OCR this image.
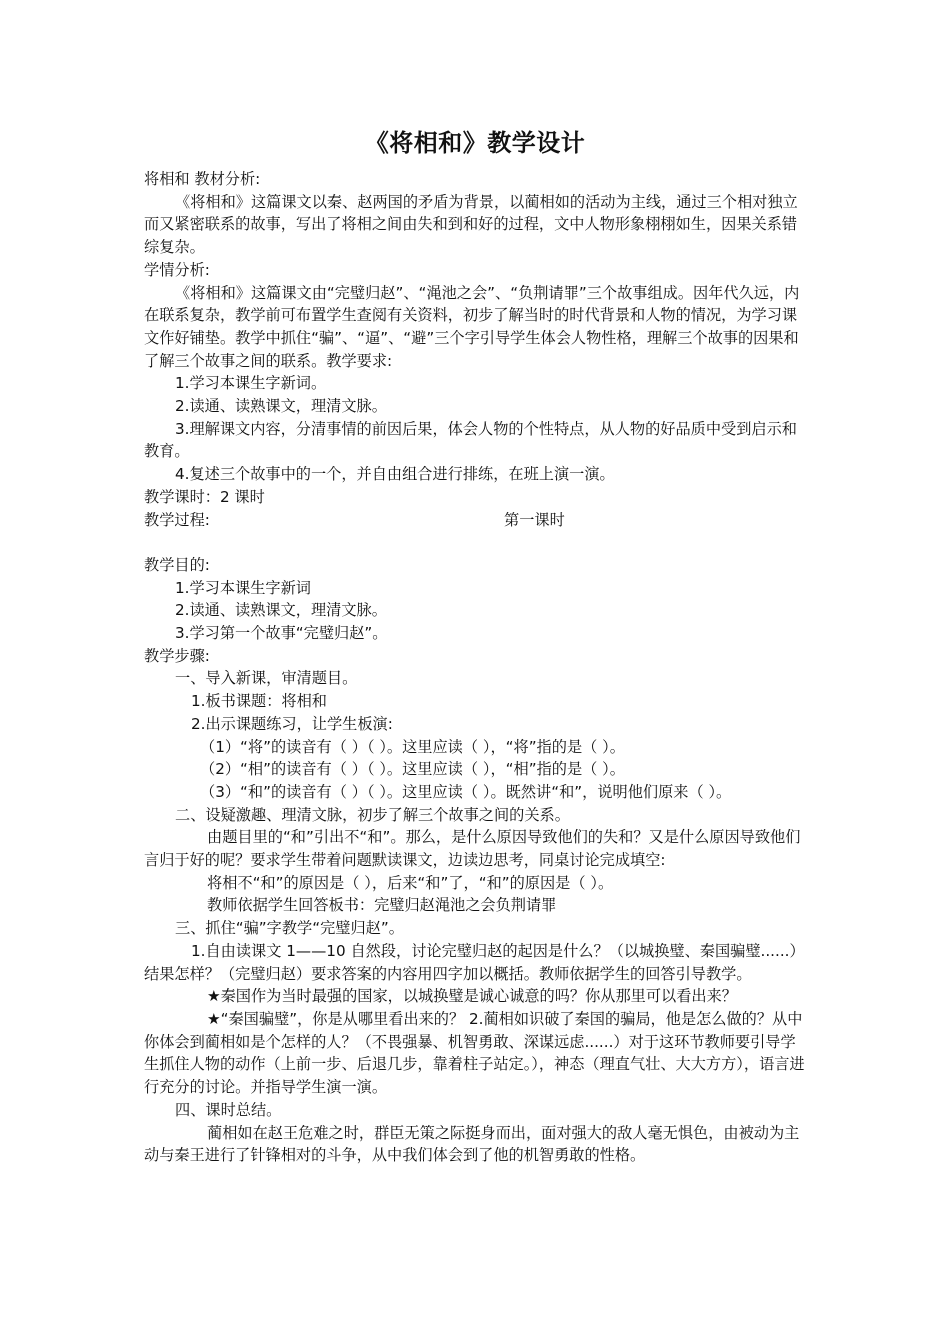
《将相和》教学设计

将相和 教材分析:

《将相和》这篇课文以秦、赵两国的矛盾为背景，以蔺相如的活动为主线，通过三个相对独立而又紧密联系的故事，写出了将相之间由失和到和好的过程，文中人物形象栩栩如生，因果关系错综复杂。

学情分析:

《将相和》这篇课文由“完璧归赵”、“渑池之会”、“负荆请罪”三个故事组成。因年代久远，内在联系复杂，教学前可布置学生查阅有关资料，初步了解当时的时代背景和人物的情况，为学习课文作好铺垫。教学中抓住“骗”、“逼”、“避”三个字引导学生体会人物性格，理解三个故事的因果和了解三个故事之间的联系。教学要求:

1.学习本课生字新词。

2.读通、读熟课文，理清文脉。

3.理解课文内容，分清事情的前因后果，体会人物的个性特点，从人物的好品质中受到启示和教育。

4.复述三个故事中的一个，并自由组合进行排练，在班上演一演。

教学课时：2 课时

教学过程:	第一课时

教学目的:

1.学习本课生字新词

2.读通、读熟课文，理清文脉。

3.学习第一个故事“完璧归赵”。

教学步骤:

一、导入新课，审清题目。

1.板书课题：将相和

2.出示课题练习，让学生板演:

（1）“将”的读音有（ ）（ ）。这里应读（ ），“将”指的是（ ）。

（2）“相”的读音有（ ）（ ）。这里应读（ ），“相”指的是（ ）。

（3）“和”的读音有（ ）（ ）。这里应读（ ）。既然讲“和”，说明他们原来（ ）。

二、设疑激趣、理清文脉，初步了解三个故事之间的关系。

由题目里的“和”引出不“和”。那么，是什么原因导致他们的失和？又是什么原因导致他们言归于好的呢？要求学生带着问题默读课文，边读边思考，同桌讨论完成填空:

将相不“和”的原因是（ ），后来“和”了，“和”的原因是（ ）。

教师依据学生回答板书：完璧归赵渑池之会负荆请罪

三、抓住“骗”字教学“完璧归赵”。

1.自由读课文 1——10 自然段，讨论完璧归赵的起因是什么？（以城换璧、秦国骗璧......）结果怎样？（完璧归赵）要求答案的内容用四字加以概括。教师依据学生的回答引导教学。

★秦国作为当时最强的国家，以城换璧是诚心诚意的吗？你从那里可以看出来？

★“秦国骗璧”，你是从哪里看出来的？ 2.蔺相如识破了秦国的骗局，他是怎么做的？从中你体会到蔺相如是个怎样的人？（不畏强暴、机智勇敢、深谋远虑......）对于这环节教师要引导学生抓住人物的动作（上前一步、后退几步，靠着柱子站定。），神态（理直气壮、大大方方），语言进行充分的讨论。并指导学生演一演。

四、课时总结。

蔺相如在赵王危难之时，群臣无策之际挺身而出，面对强大的敌人毫无惧色，由被动为主动与秦王进行了针锋相对的斗争，从中我们体会到了他的机智勇敢的性格。
